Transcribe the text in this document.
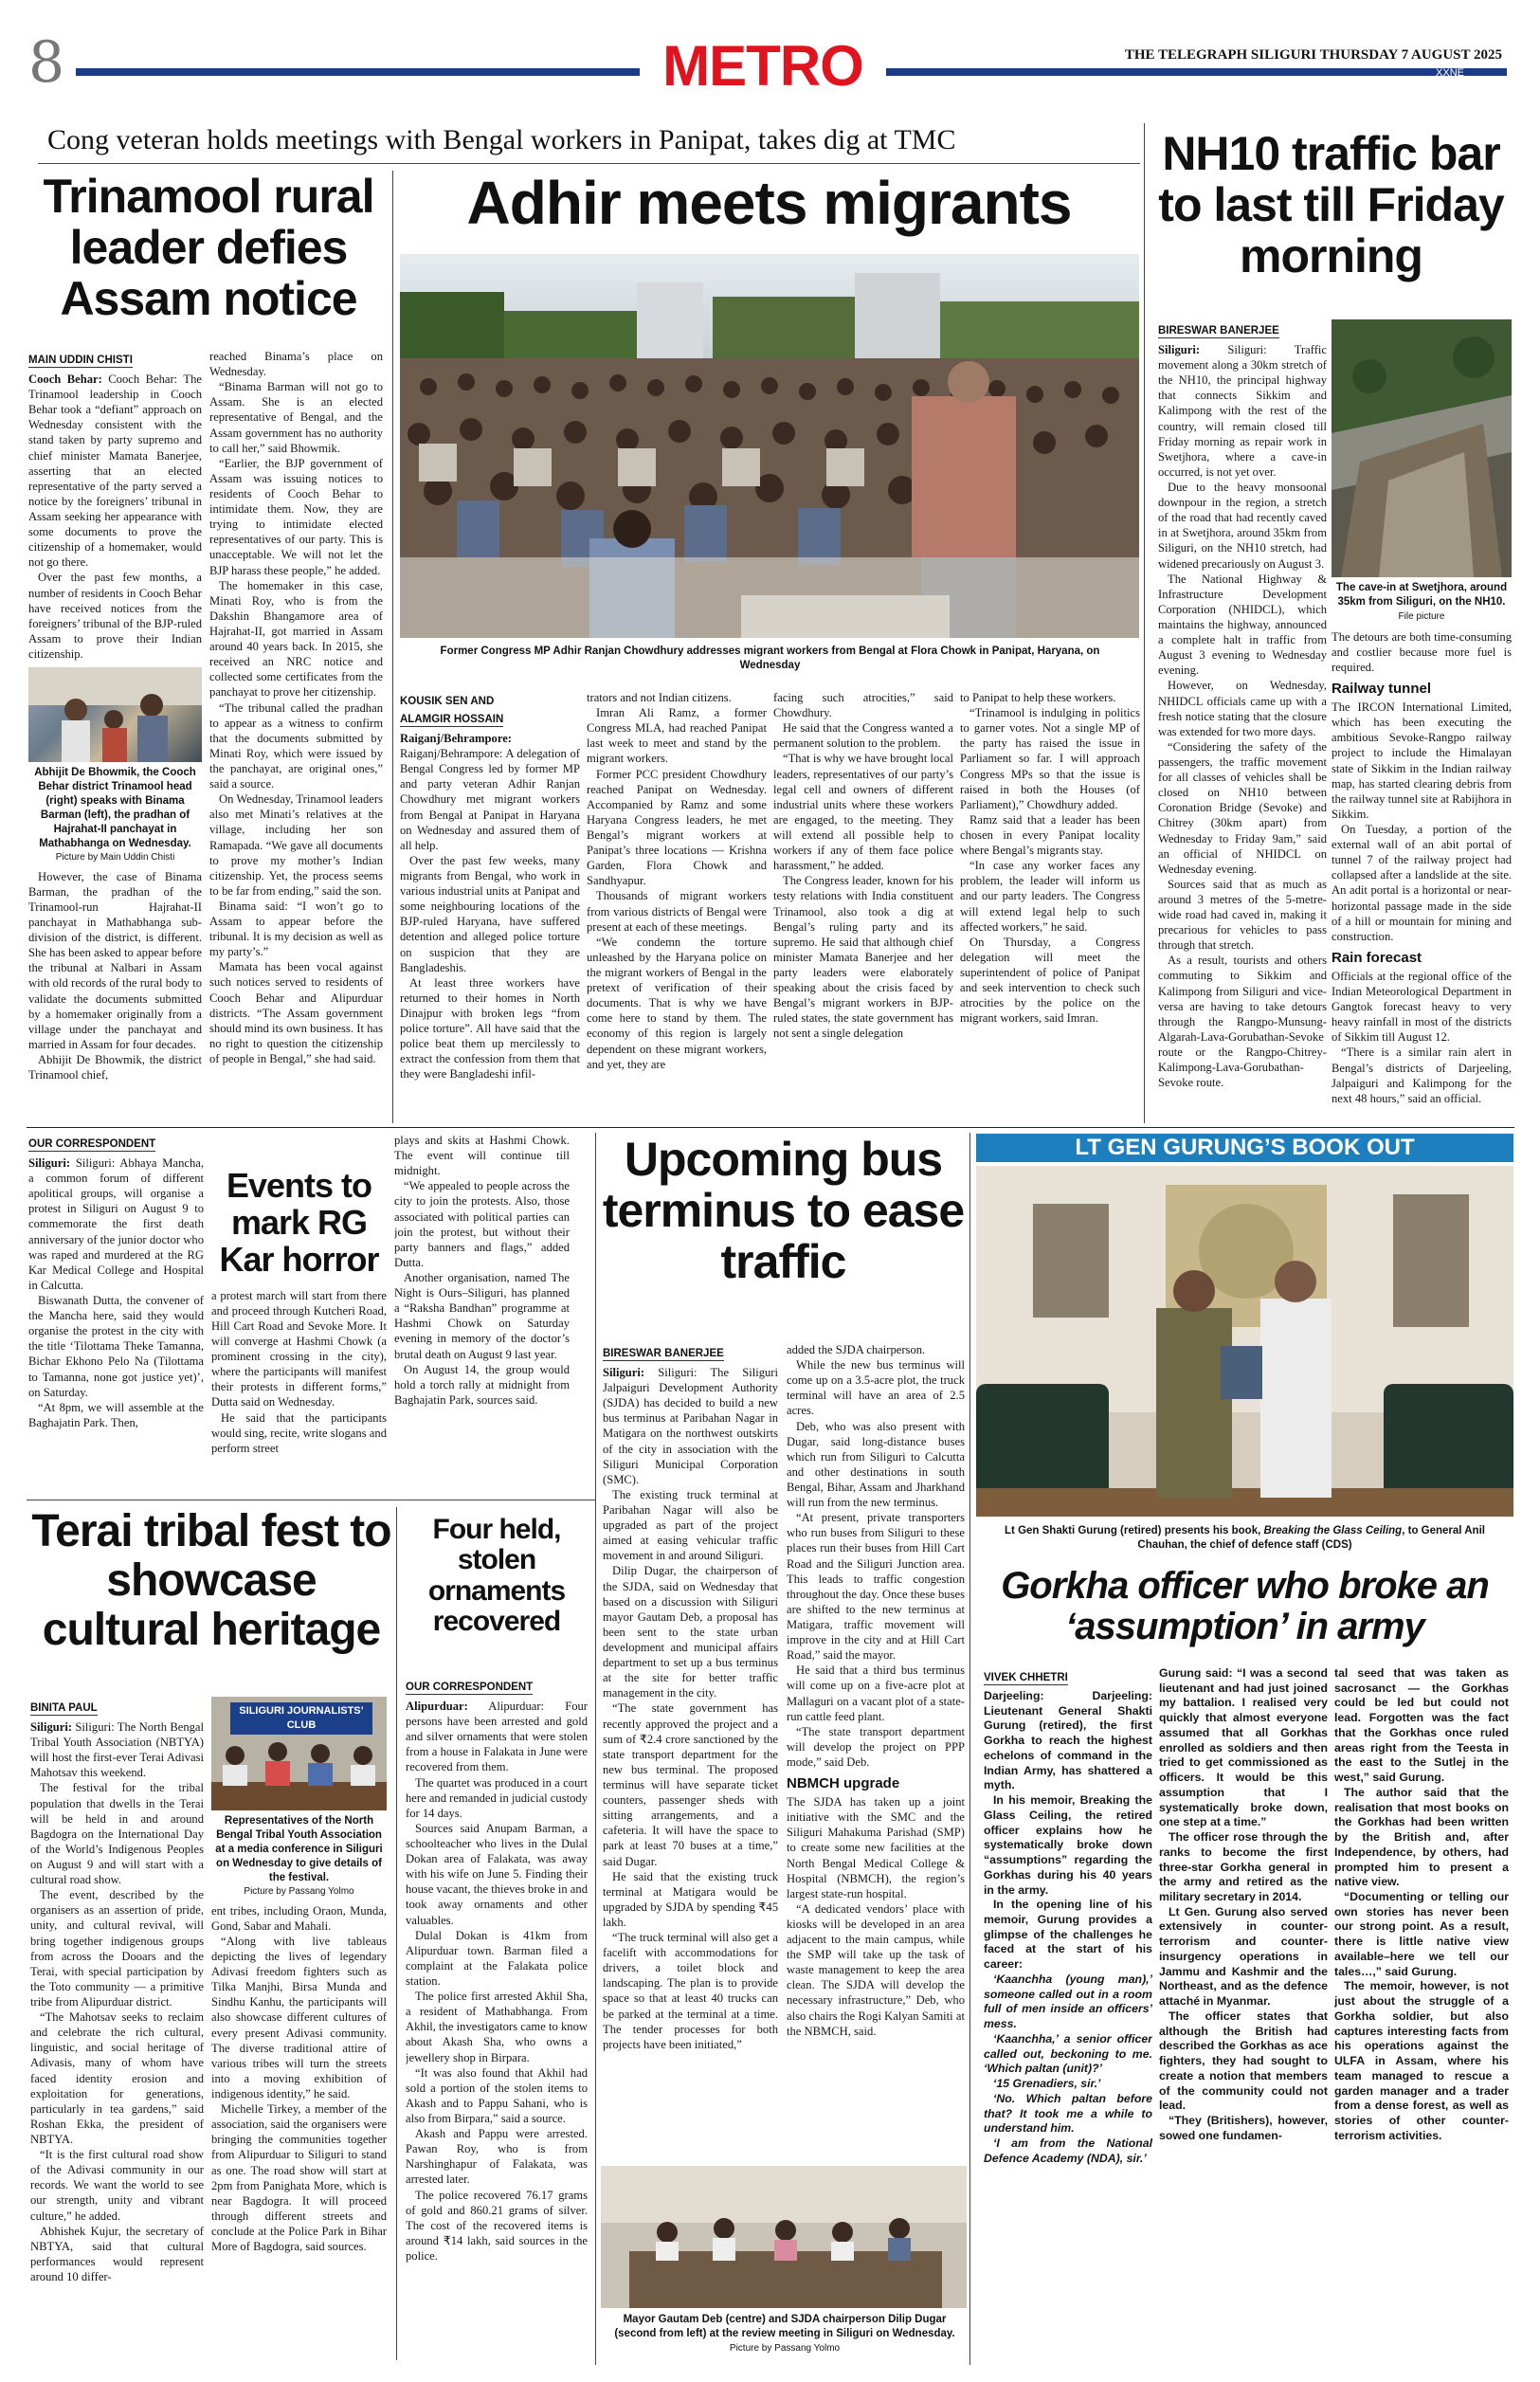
8	METRO	THE TELEGRAPH SILIGURI THURSDAY 7 AUGUST 2025
XXNE
Cong veteran holds meetings with Bengal workers in Panipat, takes dig at TMC
Trinamool rural leader defies Assam notice
MAIN UDDIN CHISTI

Cooch Behar: Cooch Behar: The Trinamool leadership in Cooch Behar took a “defiant” approach on Wednesday consistent with the stand taken by party supremo and chief minister Mamata Banerjee, asserting that an elected representative of the party served a notice by the foreigners’ tribunal in Assam seeking her appearance with some documents to prove the citizenship of a homemaker, would not go there.

Over the past few months, a number of residents in Cooch Behar have received notices from the foreigners’ tribunal of the BJP-ruled Assam to prove their Indian citizenship.

Abhijit De Bhowmik, the Cooch Behar district Trinamool head (right) speaks with Binama Barman (left), the pradhan of Hajrahat-II panchayat in Mathabhanga on Wednesday.
Picture by Main Uddin Chisti

However, the case of Binama Barman, the pradhan of the Trinamool-run Hajrahat-II panchayat in Mathabhanga sub-division of the district, is different. She has been asked to appear before the tribunal at Nalbari in Assam with old records of the rural body to validate the documents submitted by a homemaker originally from a village under the panchayat and married in Assam for four decades.

Abhijit De Bhowmik, the district Trinamool chief,

reached Binama’s place on Wednesday.

“Binama Barman will not go to Assam. She is an elected representative of Bengal, and the Assam government has no authority to call her,” said Bhowmik.

“Earlier, the BJP government of Assam was issuing notices to residents of Cooch Behar to intimidate them. Now, they are trying to intimidate elected representatives of our party. This is unacceptable. We will not let the BJP harass these people,” he added.

The homemaker in this case, Minati Roy, who is from the Dakshin Bhangamore area of Hajrahat-II, got married in Assam around 40 years back. In 2015, she received an NRC notice and collected some certificates from the panchayat to prove her citizenship.

“The tribunal called the pradhan to appear as a witness to confirm that the documents submitted by Minati Roy, which were issued by the panchayat, are original ones,” said a source.

On Wednesday, Trinamool leaders also met Minati’s relatives at the village, including her son Ramapada. “We gave all documents to prove my mother’s Indian citizenship. Yet, the process seems to be far from ending,” said the son.

Binama said: “I won’t go to Assam to appear before the tribunal. It is my decision as well as my party’s.”

Mamata has been vocal against such notices served to residents of Cooch Behar and Alipurduar districts. “The Assam government should mind its own business. It has no right to question the citizenship of people in Bengal,” she had said.

Adhir meets migrants
Former Congress MP Adhir Ranjan Chowdhury addresses migrant workers from Bengal at Flora Chowk in Panipat, Haryana, on Wednesday
KOUSIK SEN AND
ALAMGIR HOSSAIN

Raiganj/Behrampore: Raiganj/Behrampore: A delegation of Bengal Congress led by former MP and party veteran Adhir Ranjan Chowdhury met migrant workers from Bengal at Panipat in Haryana on Wednesday and assured them of all help.

Over the past few weeks, many migrants from Bengal, who work in various industrial units at Panipat and some neighbouring locations of the BJP-ruled Haryana, have suffered detention and alleged police torture on suspicion that they are Bangladeshis.

At least three workers have returned to their homes in North Dinajpur with broken legs “from police torture”. All have said that the police beat them up mercilessly to extract the confession from them that they were Bangladeshi infil-

trators and not Indian citizens.

Imran Ali Ramz, a former Congress MLA, had reached Panipat last week to meet and stand by the migrant workers.

Former PCC president Chowdhury reached Panipat on Wednesday. Accompanied by Ramz and some Haryana Congress leaders, he met Bengal’s migrant workers at Panipat’s three locations — Krishna Garden, Flora Chowk and Sandhyapur.

Thousands of migrant workers from various districts of Bengal were present at each of these meetings.

“We condemn the torture unleashed by the Haryana police on the migrant workers of Bengal in the pretext of verification of their documents. That is why we have come here to stand by them. The economy of this region is largely dependent on these migrant workers, and yet, they are

facing such atrocities,” said Chowdhury.

He said that the Congress wanted a permanent solution to the problem.

“That is why we have brought local leaders, representatives of our party’s legal cell and owners of different industrial units where these workers are engaged, to the meeting. They will extend all possible help to workers if any of them face police harassment,” he added.

The Congress leader, known for his testy relations with India constituent Trinamool, also took a dig at Bengal’s ruling party and its supremo. He said that although chief minister Mamata Banerjee and her party leaders were elaborately speaking about the crisis faced by Bengal’s migrant workers in BJP-ruled states, the state government has not sent a single delegation

to Panipat to help these workers.

“Trinamool is indulging in politics to garner votes. Not a single MP of the party has raised the issue in Parliament so far. I will approach Congress MPs so that the issue is raised in both the Houses (of Parliament),” Chowdhury added.

Ramz said that a leader has been chosen in every Panipat locality where Bengal’s migrants stay.

“In case any worker faces any problem, the leader will inform us and our party leaders. The Congress will extend legal help to such affected workers,” he said.

On Thursday, a Congress delegation will meet the superintendent of police of Panipat and seek intervention to check such atrocities by the police on the migrant workers, said Imran.

NH10 traffic bar to last till Friday morning
BIRESWAR BANERJEE

Siliguri: Siliguri: Traffic movement along a 30km stretch of the NH10, the principal highway that connects Sikkim and Kalimpong with the rest of the country, will remain closed till Friday morning as repair work in Swetjhora, where a cave-in occurred, is not yet over.

Due to the heavy monsoonal downpour in the region, a stretch of the road that had recently caved in at Swetjhora, around 35km from Siliguri, on the NH10 stretch, had widened precariously on August 3.

The National Highway & Infrastructure Development Corporation (NHIDCL), which maintains the highway, announced a complete halt in traffic from August 3 evening to Wednesday evening.

However, on Wednesday, NHIDCL officials came up with a fresh notice stating that the closure was extended for two more days.

“Considering the safety of the passengers, the traffic movement for all classes of vehicles shall be closed on NH10 between Coronation Bridge (Sevoke) and Chitrey (30km apart) from Wednesday to Friday 9am,” said an official of NHIDCL on Wednesday evening.

Sources said that as much as around 3 metres of the 5-metre-wide road had caved in, making it precarious for vehicles to pass through that stretch.

As a result, tourists and others commuting to Sikkim and Kalimpong from Siliguri and vice-versa are having to take detours through the Rangpo-Munsung-Algarah-Lava-Gorubathan-Sevoke route or the Rangpo-Chitrey-Kalimpong-Lava-Gorubathan-Sevoke route.

The cave-in at Swetjhora, around 35km from Siliguri, on the NH10. File picture

The detours are both time-consuming and costlier because more fuel is required.

Railway tunnel

The IRCON International Limited, which has been executing the ambitious Sevoke-Rangpo railway project to include the Himalayan state of Sikkim in the Indian railway map, has started clearing debris from the railway tunnel site at Rabijhora in Sikkim.

On Tuesday, a portion of the external wall of an abit portal of tunnel 7 of the railway project had collapsed after a landslide at the site. An adit portal is a horizontal or near-horizontal passage made in the side of a hill or mountain for mining and construction.

Rain forecast

Officials at the regional office of the Indian Meteorological Department in Gangtok forecast heavy to very heavy rainfall in most of the districts of Sikkim till August 12.

“There is a similar rain alert in Bengal’s districts of Darjeeling, Jalpaiguri and Kalimpong for the next 48 hours,” said an official.

OUR CORRESPONDENT

Siliguri: Siliguri: Abhaya Mancha, a common forum of different apolitical groups, will organise a protest in Siliguri on August 9 to commemorate the first death anniversary of the junior doctor who was raped and murdered at the RG Kar Medical College and Hospital in Calcutta.

Biswanath Dutta, the convener of the Mancha here, said they would organise the protest in the city with the title ‘Tilottama Theke Tamanna, Bichar Ekhono Pelo Na (Tilottama to Tamanna, none got justice yet)’, on Saturday.

“At 8pm, we will assemble at the Baghajatin Park. Then,

Events to mark RG Kar horror

a protest march will start from there and proceed through Kutcheri Road, Hill Cart Road and Sevoke More. It will converge at Hashmi Chowk (a prominent crossing in the city), where the participants will manifest their protests in different forms,” Dutta said on Wednesday.

He said that the participants would sing, recite, write slogans and perform street

plays and skits at Hashmi Chowk. The event will continue till midnight.

“We appealed to people across the city to join the protests. Also, those associated with political parties can join the protest, but without their party banners and flags,” added Dutta.

Another organisation, named The Night is Ours–Siliguri, has planned a “Raksha Bandhan” programme at Hashmi Chowk on Saturday evening in memory of the doctor’s brutal death on August 9 last year.

On August 14, the group would hold a torch rally at midnight from Baghajatin Park, sources said.

Upcoming bus terminus to ease traffic
BIRESWAR BANERJEE

Siliguri: Siliguri: The Siliguri Jalpaiguri Development Authority (SJDA) has decided to build a new bus terminus at Paribahan Nagar in Matigara on the northwest outskirts of the city in association with the Siliguri Municipal Corporation (SMC).

The existing truck terminal at Paribahan Nagar will also be upgraded as part of the project aimed at easing vehicular traffic movement in and around Siliguri.

Dilip Dugar, the chairperson of the SJDA, said on Wednesday that based on a discussion with Siliguri mayor Gautam Deb, a proposal has been sent to the state urban development and municipal affairs department to set up a bus terminus at the site for better traffic management in the city.

“The state government has recently approved the project and a sum of ₹2.4 crore sanctioned by the state transport department for the new bus terminal. The proposed terminus will have separate ticket counters, passenger sheds with sitting arrangements, and a cafeteria. It will have the space to park at least 70 buses at a time,” said Dugar.

He said that the existing truck terminal at Matigara would be upgraded by SJDA by spending ₹45 lakh.

“The truck terminal will also get a facelift with accommodations for drivers, a toilet block and landscaping. The plan is to provide space so that at least 40 trucks can be parked at the terminal at a time. The tender processes for both projects have been initiated,”

added the SJDA chairperson.

While the new bus terminus will come up on a 3.5-acre plot, the truck terminal will have an area of 2.5 acres.

Deb, who was also present with Dugar, said long-distance buses which run from Siliguri to Calcutta and other destinations in south Bengal, Bihar, Assam and Jharkhand will run from the new terminus.

“At present, private transporters who run buses from Siliguri to these places run their buses from Hill Cart Road and the Siliguri Junction area. This leads to traffic congestion throughout the day. Once these buses are shifted to the new terminus at Matigara, traffic movement will improve in the city and at Hill Cart Road,” said the mayor.

He said that a third bus terminus will come up on a five-acre plot at Mallaguri on a vacant plot of a state-run cattle feed plant.

“The state transport department will develop the project on PPP mode,” said Deb.

NBMCH upgrade

The SJDA has taken up a joint initiative with the SMC and the Siliguri Mahakuma Parishad (SMP) to create some new facilities at the North Bengal Medical College & Hospital (NBMCH), the region’s largest state-run hospital.

“A dedicated vendors’ place with kiosks will be developed in an area adjacent to the main campus, while the SMP will take up the task of waste management to keep the area clean. The SJDA will develop the necessary infrastructure,” Deb, who also chairs the Rogi Kalyan Samiti at the NBMCH, said.

Mayor Gautam Deb (centre) and SJDA chairperson Dilip Dugar (second from left) at the review meeting in Siliguri on Wednesday. Picture by Passang Yolmo
LT GEN GURUNG’S BOOK OUT
Lt Gen Shakti Gurung (retired) presents his book, Breaking the Glass Ceiling, to General Anil Chauhan, the chief of defence staff (CDS)
Gorkha officer who broke an ‘assumption’ in army
VIVEK CHHETRI

Darjeeling:	Darjeeling: Lieutenant General Shakti Gurung (retired), the first Gorkha to reach the highest echelons of command in the Indian Army, has shattered a myth.

In his memoir, Breaking the Glass Ceiling, the retired officer explains how he systematically broke down “assumptions” regarding the Gorkhas during his 40 years in the army.

In the opening line of his memoir, Gurung provides a glimpse of the challenges he faced at the start of his career:

‘Kaanchha (young man),’ someone called out in a room full of men inside an officers’ mess.

‘Kaanchha,’ a senior officer called out, beckoning to me. ‘Which paltan (unit)?’

‘15 Grenadiers, sir.’

‘No. Which paltan before that? It took me a while to understand him.

‘I am from the National Defence Academy (NDA), sir.’

Gurung said: “I was a second lieutenant and had just joined my battalion. I realised very quickly that almost everyone assumed that all Gorkhas enrolled as soldiers and then tried to get commissioned as officers. It would be this assumption that I systematically broke down, one step at a time.”

The officer rose through the ranks to become the first three-star Gorkha general in the army and retired as the military secretary in 2014.

Lt Gen. Gurung also served extensively in counter-terrorism and counter-insurgency operations in Jammu and Kashmir and the Northeast, and as the defence attaché in Myanmar.

The officer states that although the British had described the Gorkhas as ace fighters, they had sought to create a notion that members of the community could not lead.

“They (Britishers), however, sowed one fundamen-

tal seed that was taken as sacrosanct — the Gorkhas could be led but could not lead. Forgotten was the fact that the Gorkhas once ruled areas right from the Teesta in the east to the Sutlej in the west,” said Gurung.

The author said that the realisation that most books on the Gorkhas had been written by the British and, after Independence, by others, had prompted him to present a native view.

“Documenting or telling our own stories has never been our strong point. As a result, there is little native view available–here we tell our tales…,” said Gurung.

The memoir, however, is not just about the struggle of a Gorkha soldier, but also captures interesting facts from his operations against the ULFA in Assam, where his team managed to rescue a garden manager and a trader from a dense forest, as well as stories of other counter-terrorism activities.

Terai tribal fest to showcase cultural heritage
BINITA PAUL

Siliguri: Siliguri: The North Bengal Tribal Youth Association (NBTYA) will host the first-ever Terai Adivasi Mahotsav this weekend.

The festival for the tribal population that dwells in the Terai will be held in and around Bagdogra on the International Day of the World’s Indigenous Peoples on August 9 and will start with a cultural road show.

The event, described by the organisers as an assertion of pride, unity, and cultural revival, will bring together indigenous groups from across the Dooars and the Terai, with special participation by the Toto community — a primitive tribe from Alipurduar district.

“The Mahotsav seeks to reclaim and celebrate the rich cultural, linguistic, and social heritage of Adivasis, many of whom have faced identity erosion and exploitation for generations, particularly in tea gardens,” said Roshan Ekka, the president of NBTYA.

“It is the first cultural road show of the Adivasi community in our records. We want the world to see our strength, unity and vibrant culture,” he added.

Abhishek Kujur, the secretary of NBTYA, said that cultural performances would represent around 10 differ-

SILIGURI JOURNALISTS’ CLUB
Representatives of the North Bengal Tribal Youth Association at a media conference in Siliguri on Wednesday to give details of the festival.
Picture by Passang Yolmo

ent tribes, including Oraon, Munda, Gond, Sabar and Mahali.

“Along with live tableaus depicting the lives of legendary Adivasi freedom fighters such as Tilka Manjhi, Birsa Munda and Sindhu Kanhu, the participants will also showcase different cultures of every present Adivasi community. The diverse traditional attire of various tribes will turn the streets into a moving exhibition of indigenous identity,” he said.

Michelle Tirkey, a member of the association, said the organisers were bringing the communities together from Alipurduar to Siliguri to stand as one. The road show will start at 2pm from Panighata More, which is near Bagdogra. It will proceed through different streets and conclude at the Police Park in Bihar More of Bagdogra, said sources.

Four held, stolen ornaments recovered
OUR CORRESPONDENT

Alipurduar: Alipurduar: Four persons have been arrested and gold and silver ornaments that were stolen from a house in Falakata in June were recovered from them.

The quartet was produced in a court here and remanded in judicial custody for 14 days.

Sources said Anupam Barman, a schoolteacher who lives in the Dulal Dokan area of Falakata, was away with his wife on June 5. Finding their house vacant, the thieves broke in and took away ornaments and other valuables.

Dulal Dokan is 41km from Alipurduar town. Barman filed a complaint at the Falakata police station.

The police first arrested Akhil Sha, a resident of Mathabhanga. From Akhil, the investigators came to know about Akash Sha, who owns a jewellery shop in Birpara.

“It was also found that Akhil had sold a portion of the stolen items to Akash and to Pappu Sahani, who is also from Birpara,” said a source.

Akash and Pappu were arrested. Pawan Roy, who is from Narshinghapur of Falakata, was arrested later.

The police recovered 76.17 grams of gold and 860.21 grams of silver. The cost of the recovered items is around ₹14 lakh, said sources in the police.
